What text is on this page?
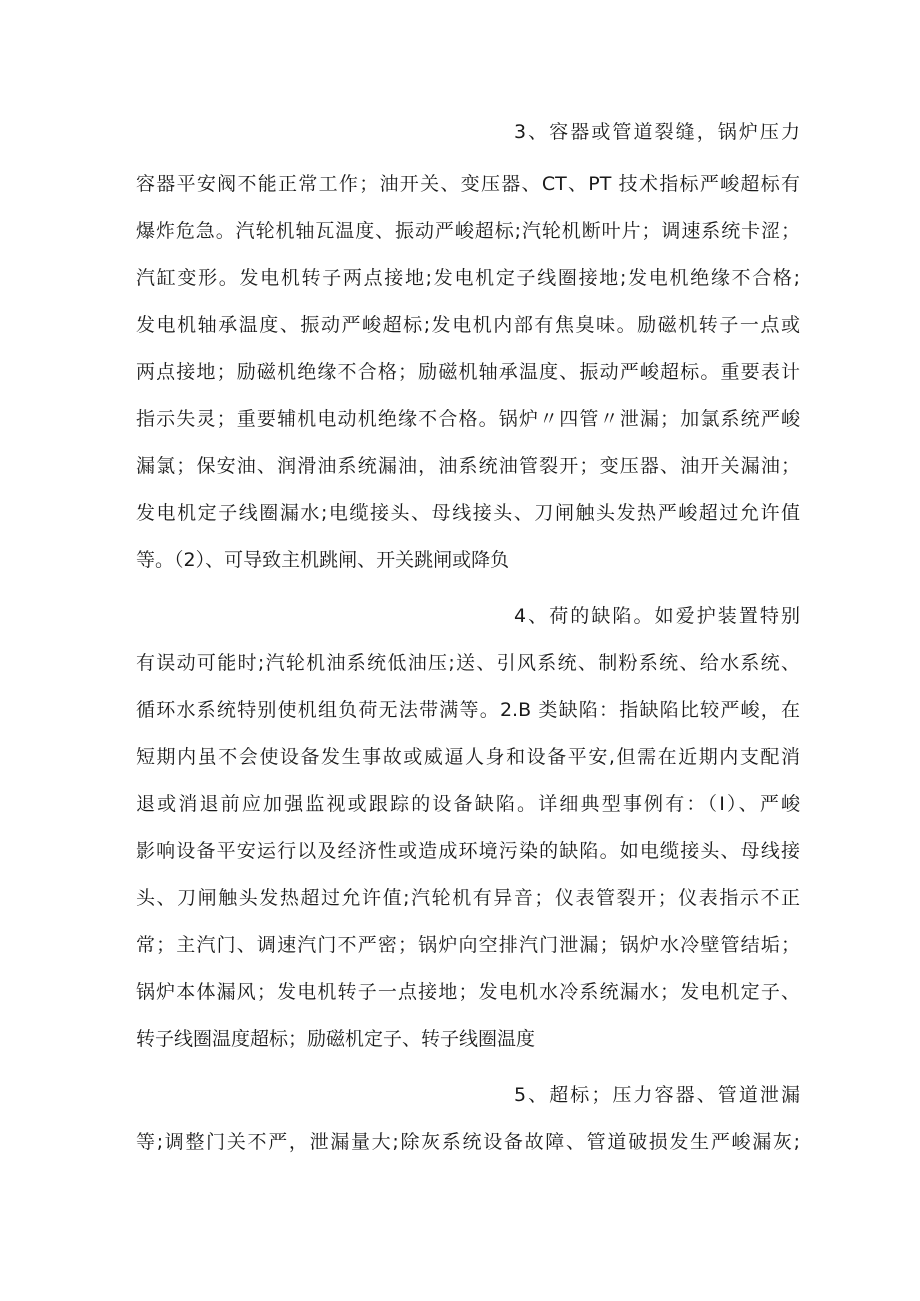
3、容器或管道裂缝，锅炉压力
容器平安阀不能正常工作；油开关、变压器、CT、PT 技术指标严峻超标有
爆炸危急。汽轮机轴瓦温度、振动严峻超标;汽轮机断叶片；调速系统卡涩；
汽缸变形。发电机转子两点接地;发电机定子线圈接地;发电机绝缘不合格;
发电机轴承温度、振动严峻超标;发电机内部有焦臭味。励磁机转子一点或
两点接地；励磁机绝缘不合格；励磁机轴承温度、振动严峻超标。重要表计
指示失灵；重要辅机电动机绝缘不合格。锅炉〃四管〃泄漏；加氯系统严峻
漏氯；保安油、润滑油系统漏油，油系统油管裂开；变压器、油开关漏油；
发电机定子线圈漏水;电缆接头、母线接头、刀闸触头发热严峻超过允许值
等。（2）、可导致主机跳闸、开关跳闸或降负
4、荷的缺陷。如爱护装置特别
有误动可能时;汽轮机油系统低油压;送、引风系统、制粉系统、给水系统、
循环水系统特别使机组负荷无法带满等。2.B 类缺陷：指缺陷比较严峻，在
短期内虽不会使设备发生事故或威逼人身和设备平安,但需在近期内支配消
退或消退前应加强监视或跟踪的设备缺陷。详细典型事例有：（I）、严峻
影响设备平安运行以及经济性或造成环境污染的缺陷。如电缆接头、母线接
头、刀闸触头发热超过允许值;汽轮机有异音；仪表管裂开；仪表指示不正
常；主汽门、调速汽门不严密；锅炉向空排汽门泄漏；锅炉水冷壁管结垢；
锅炉本体漏风；发电机转子一点接地；发电机水冷系统漏水；发电机定子、
转子线圈温度超标；励磁机定子、转子线圈温度
5、超标；压力容器、管道泄漏
等;调整门关不严，泄漏量大;除灰系统设备故障、管道破损发生严峻漏灰;
